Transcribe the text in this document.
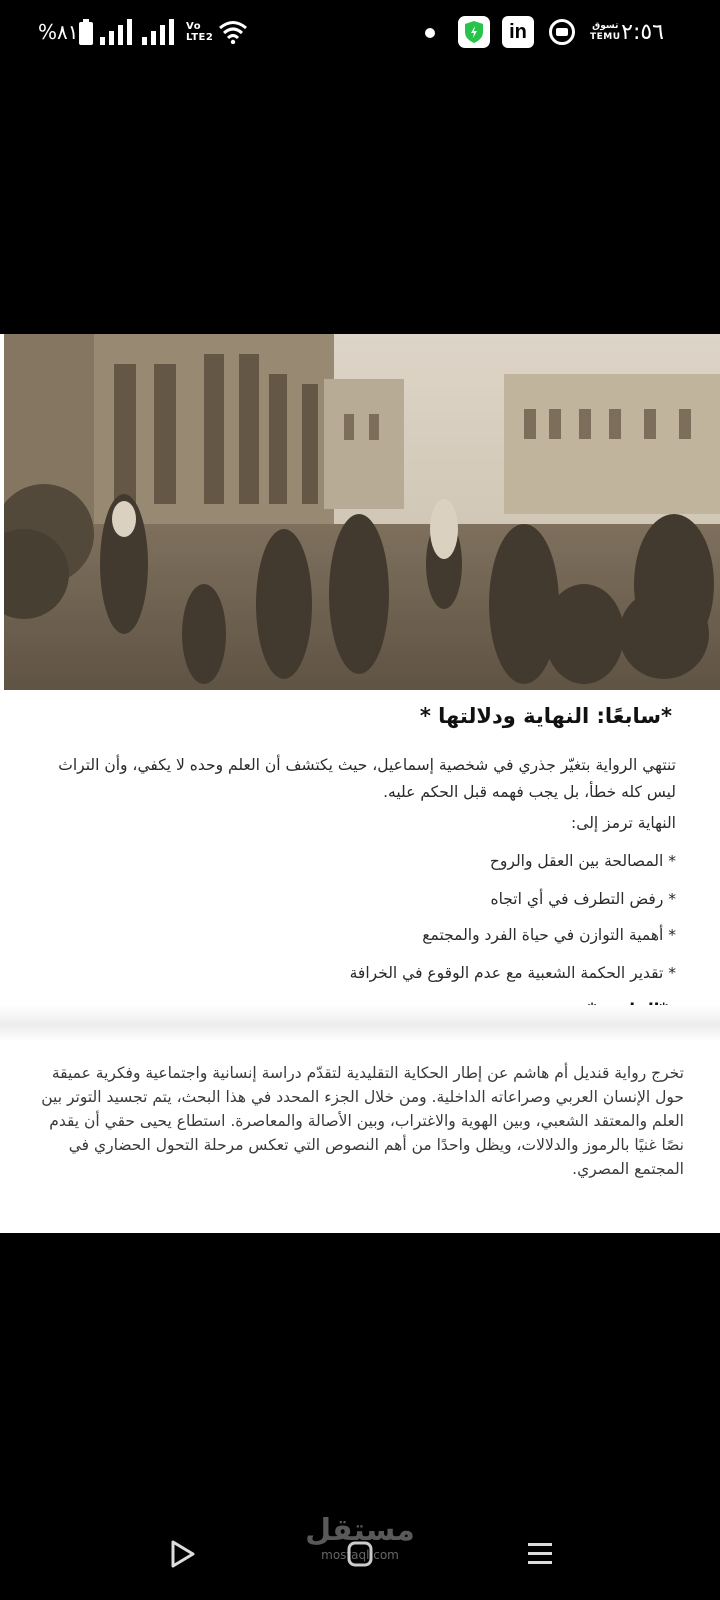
%٨١	Vo
LTE2	in	تسوق
TEMU ٢:٥٦
*سابعًا: النهاية ودلالتها *
تنتهي الرواية بتغيّر جذري في شخصية إسماعيل، حيث يكتشف أن العلم وحده لا يكفي، وأن التراث ليس كله خطأ، بل يجب فهمه قبل الحكم عليه.
النهاية ترمز إلى:
* المصالحة بين العقل والروح
* رفض التطرف في أي اتجاه
* أهمية التوازن في حياة الفرد والمجتمع
* تقدير الحكمة الشعبية مع عدم الوقوع في الخرافة
تخرج رواية قنديل أم هاشم عن إطار الحكاية التقليدية لتقدّم دراسة إنسانية واجتماعية وفكرية عميقة حول الإنسان العربي وصراعاته الداخلية. ومن خلال الجزء المحدد في هذا البحث، يتم تجسيد التوتر بين العلم والمعتقد الشعبي، وبين الهوية والاغتراب، وبين الأصالة والمعاصرة. استطاع يحيى حقي أن يقدم نصًا غنيًا بالرموز والدلالات، ويظل واحدًا من أهم النصوص التي تعكس مرحلة التحول الحضاري في المجتمع المصري.
مستقل
mostaql.com
